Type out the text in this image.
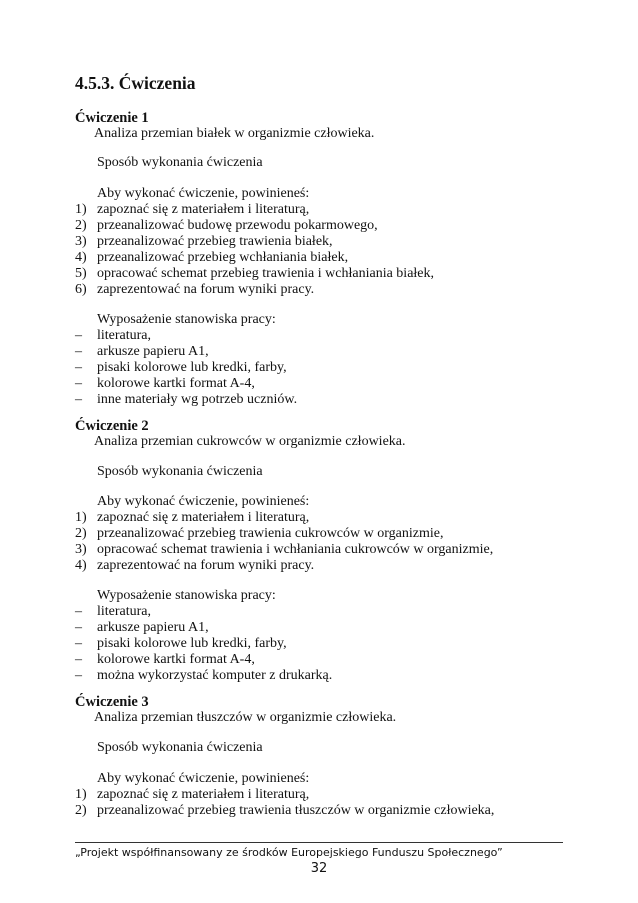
4.5.3. Ćwiczenia
Ćwiczenie 1
Analiza przemian białek w organizmie człowieka.
Sposób wykonania ćwiczenia
Aby wykonać ćwiczenie, powinieneś:
1) zapoznać się z materiałem i literaturą,
2) przeanalizować budowę przewodu pokarmowego,
3) przeanalizować przebieg trawienia białek,
4) przeanalizować przebieg wchłaniania białek,
5) opracować schemat przebieg trawienia i wchłaniania białek,
6) zaprezentować na forum wyniki pracy.
Wyposażenie stanowiska pracy:
– literatura,
– arkusze papieru A1,
– pisaki kolorowe lub kredki, farby,
– kolorowe kartki format A-4,
– inne materiały wg potrzeb uczniów.
Ćwiczenie 2
Analiza przemian cukrowców w organizmie człowieka.
Sposób wykonania ćwiczenia
Aby wykonać ćwiczenie, powinieneś:
1) zapoznać się z materiałem i literaturą,
2) przeanalizować przebieg trawienia cukrowców w organizmie,
3) opracować schemat trawienia i wchłaniania cukrowców w organizmie,
4) zaprezentować na forum wyniki pracy.
Wyposażenie stanowiska pracy:
– literatura,
– arkusze papieru A1,
– pisaki kolorowe lub kredki, farby,
– kolorowe kartki format A-4,
– można wykorzystać komputer z drukarką.
Ćwiczenie 3
Analiza przemian tłuszczów w organizmie człowieka.
Sposób wykonania ćwiczenia
Aby wykonać ćwiczenie, powinieneś:
1) zapoznać się z materiałem i literaturą,
2) przeanalizować przebieg trawienia tłuszczów w organizmie człowieka,
„Projekt współfinansowany ze środków Europejskiego Funduszu Społecznego”
32
